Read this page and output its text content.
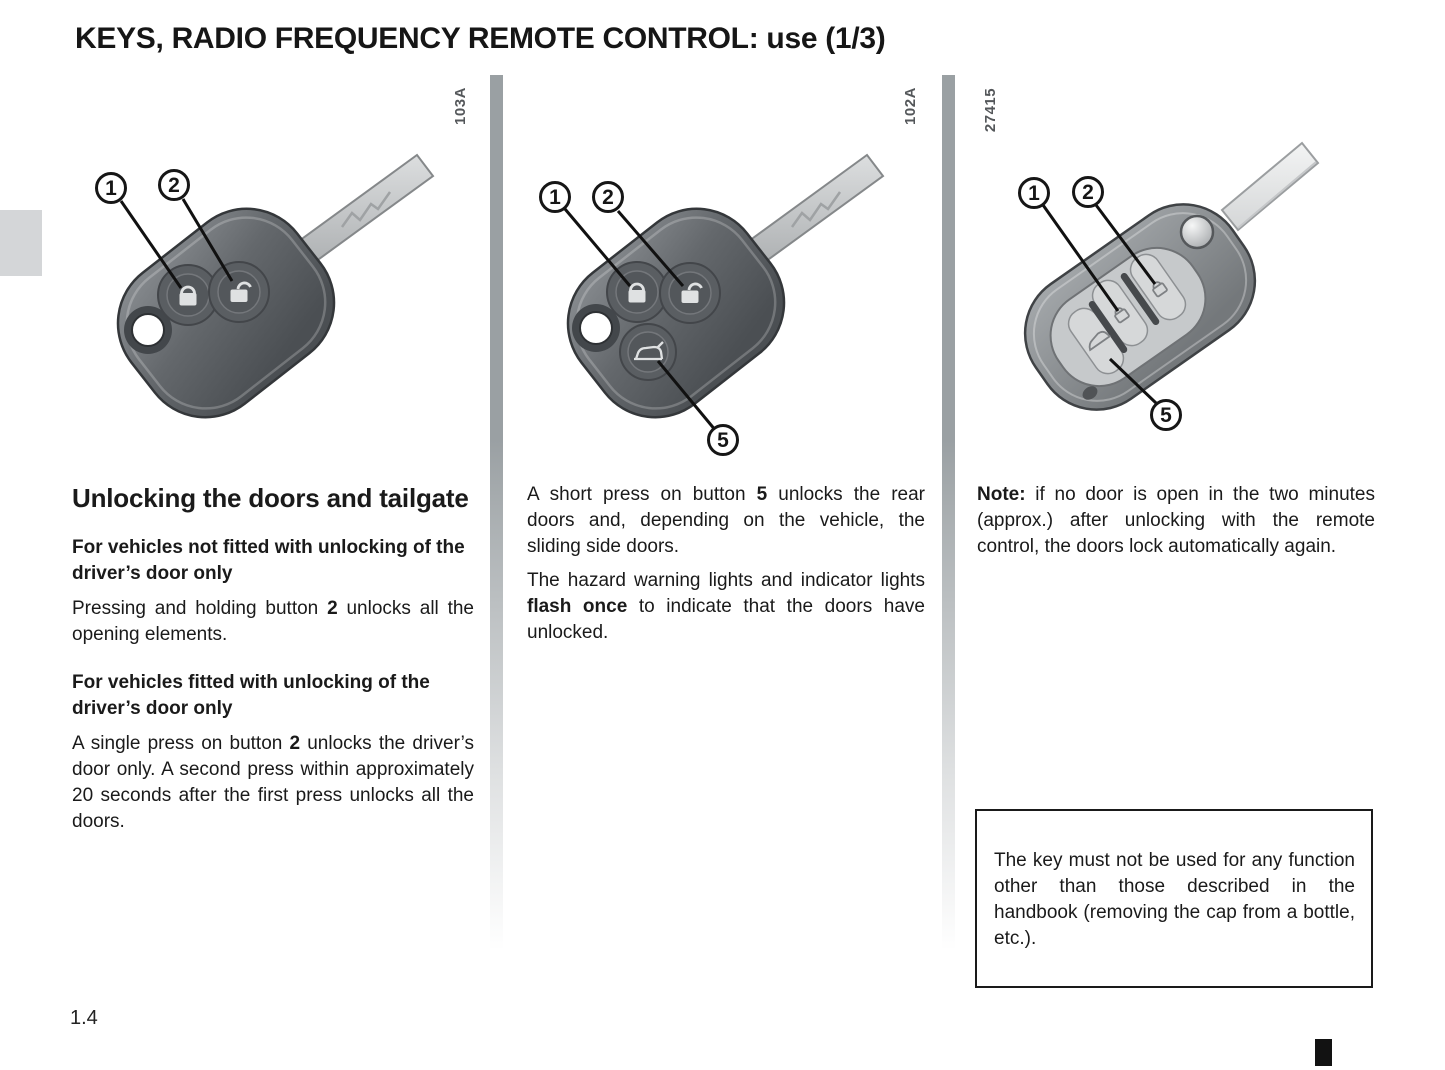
KEYS, RADIO FREQUENCY REMOTE CONTROL: use (1/3)
103A	102A	27415
1	2
1	2
5
1	2
5
Unlocking the doors and tailgate

For vehicles not fitted with unlocking of the driver’s door only

Pressing and holding button 2 unlocks all the opening elements.

For vehicles fitted with unlocking of the driver’s door only

A single press on button 2 unlocks the driver’s door only. A second press within approximately 20 seconds after the first press unlocks all the doors.

A short press on button 5 unlocks the rear doors and, depending on the vehicle, the sliding side doors.

The hazard warning lights and indicator lights flash once to indicate that the doors have unlocked.

Note: if no door is open in the two minutes (approx.) after unlocking with the remote control, the doors lock automatically again.

The key must not be used for any function other than those described in the handbook (removing the cap from a bottle, etc.).

1.4
